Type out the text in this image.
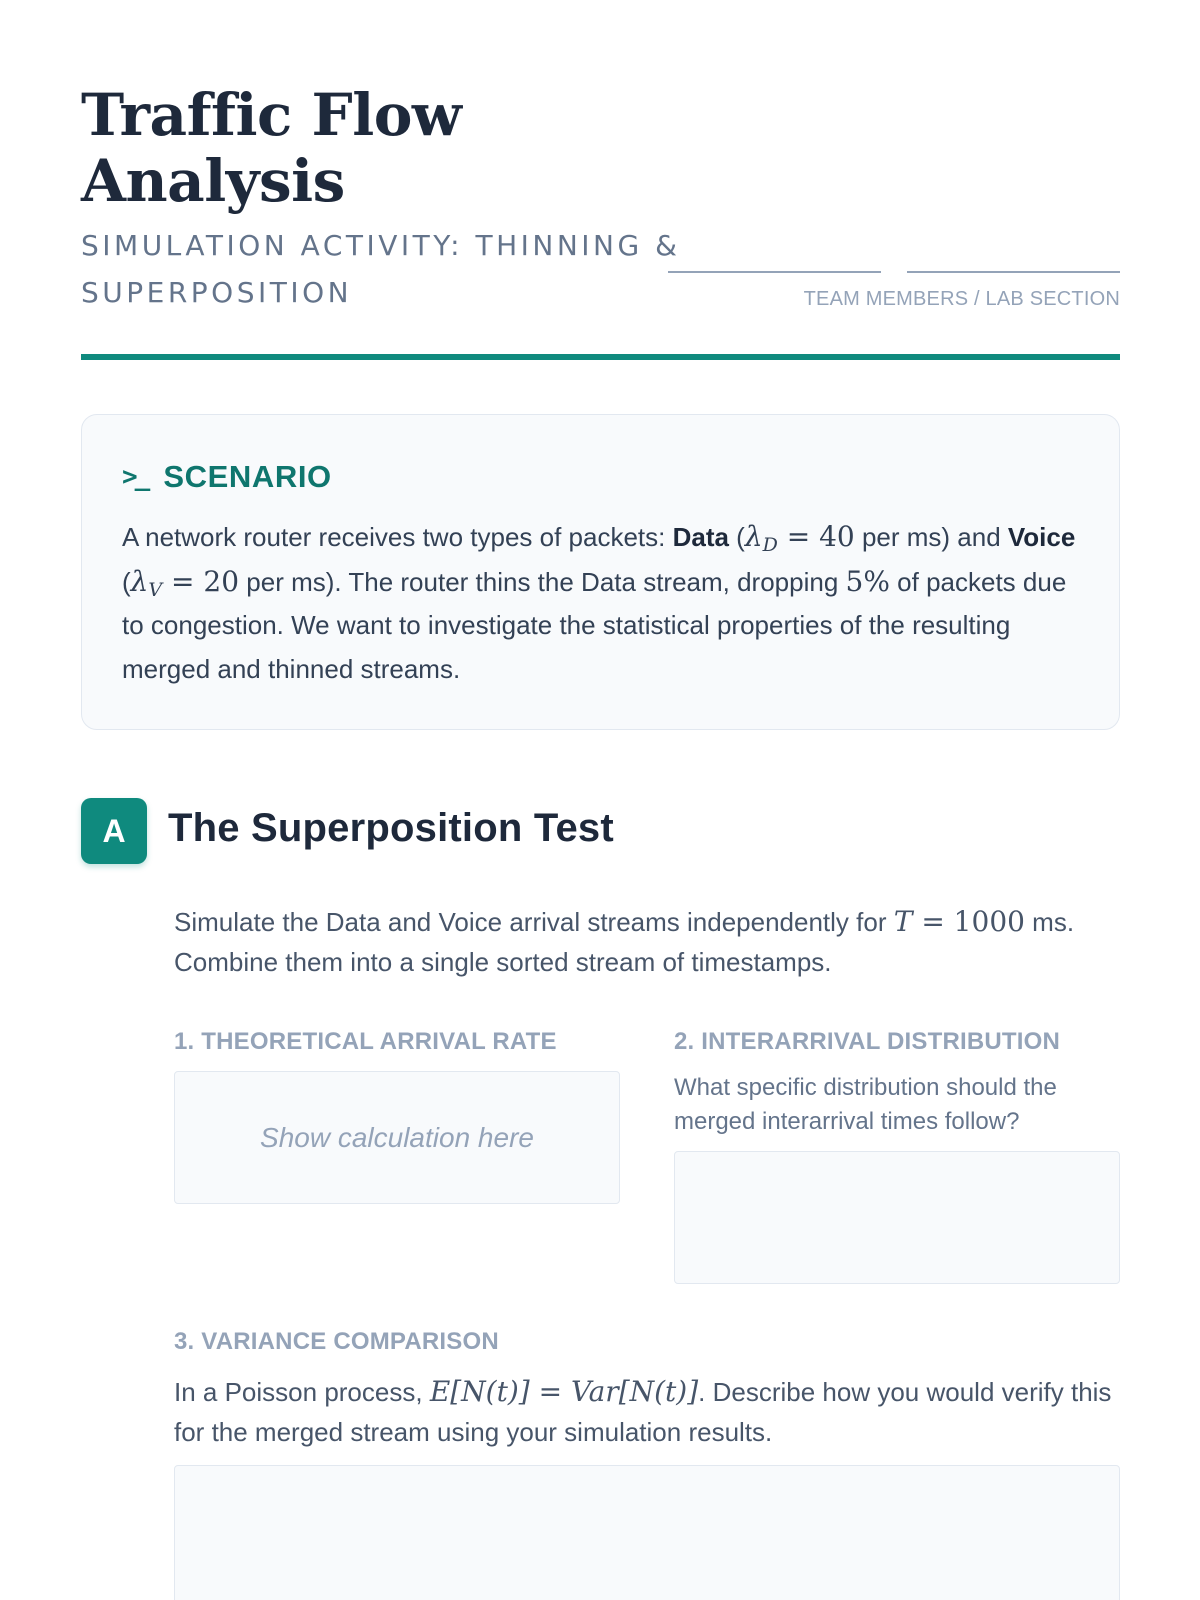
Traffic Flow
Analysis
SIMULATION ACTIVITY: THINNING & SUPERPOSITION	TEAM MEMBERS / LAB SECTION
>_ SCENARIO
A network router receives two types of packets: Data ($\lambda_D = 40$ per ms) and Voice ($\lambda_V = 20$ per ms). The router thins the Data stream, dropping 5% of packets due to congestion. We want to investigate the statistical properties of the resulting merged and thinned streams.
A	The Superposition Test
Simulate the Data and Voice arrival streams independently for T = 1000 ms. Combine them into a single sorted stream of timestamps.
1. THEORETICAL ARRIVAL RATE
Show calculation here
2. INTERARRIVAL DISTRIBUTION
What specific distribution should the merged interarrival times follow?
3. VARIANCE COMPARISON
In a Poisson process, E[N(t)] = Var[N(t)]. Describe how you would verify this for the merged stream using your simulation results.
